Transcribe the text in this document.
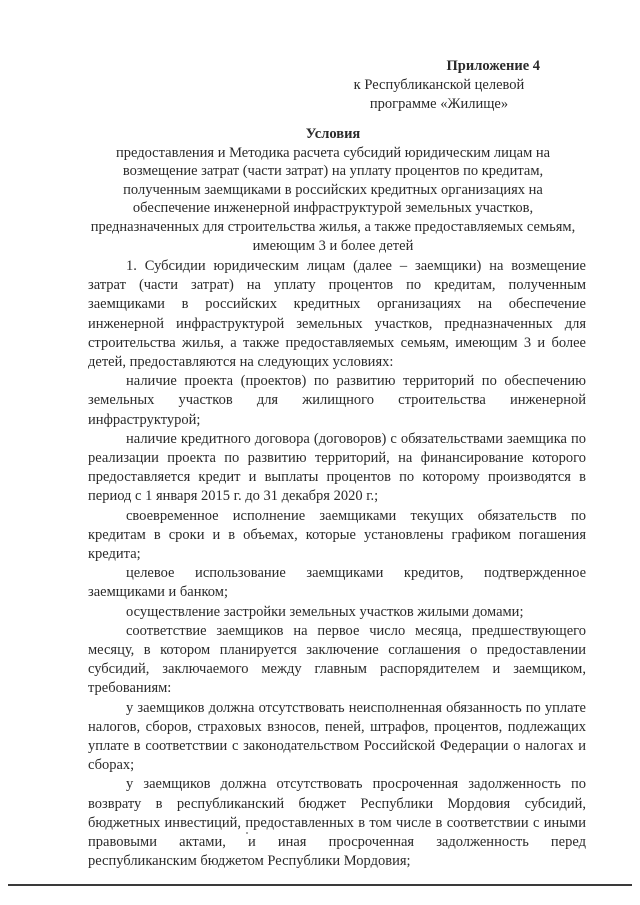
Приложение 4
к Республиканской целевой
программе «Жилище»
Условия
предоставления и Методика расчета субсидий юридическим лицам на возмещение затрат (части затрат) на уплату процентов по кредитам, полученным заемщиками в российских кредитных организациях на обеспечение инженерной инфраструктурой земельных участков, предназначенных для строительства жилья, а также предоставляемых семьям, имеющим 3 и более детей

1. Субсидии юридическим лицам (далее – заемщики) на возмещение затрат (части затрат) на уплату процентов по кредитам, полученным заемщиками в российских кредитных организациях на обеспечение инженерной инфраструктурой земельных участков, предназначенных для строительства жилья, а также предоставляемых семьям, имеющим 3 и более детей, предоставляются на следующих условиях:

наличие проекта (проектов) по развитию территорий по обеспечению земельных участков для жилищного строительства инженерной инфраструктурой;

наличие кредитного договора (договоров) с обязательствами заемщика по реализации проекта по развитию территорий, на финансирование которого предоставляется кредит и выплаты процентов по которому производятся в период с 1 января 2015 г. до 31 декабря 2020 г.;

своевременное исполнение заемщиками текущих обязательств по кредитам в сроки и в объемах, которые установлены графиком погашения кредита;

целевое использование заемщиками кредитов, подтвержденное заемщиками и банком;

осуществление застройки земельных участков жилыми домами;

соответствие заемщиков на первое число месяца, предшествующего месяцу, в котором планируется заключение соглашения о предоставлении субсидий, заключаемого между главным распорядителем и заемщиком, требованиям:

у заемщиков должна отсутствовать неисполненная обязанность по уплате налогов, сборов, страховых взносов, пеней, штрафов, процентов, подлежащих уплате в соответствии с законодательством Российской Федерации о налогах и сборах;

у заемщиков должна отсутствовать просроченная задолженность по возврату в республиканский бюджет Республики Мордовия субсидий, бюджетных инвестиций, предоставленных в том числе в соответствии с иными правовыми актами, и иная просроченная задолженность перед республиканским бюджетом Республики Мордовия;
